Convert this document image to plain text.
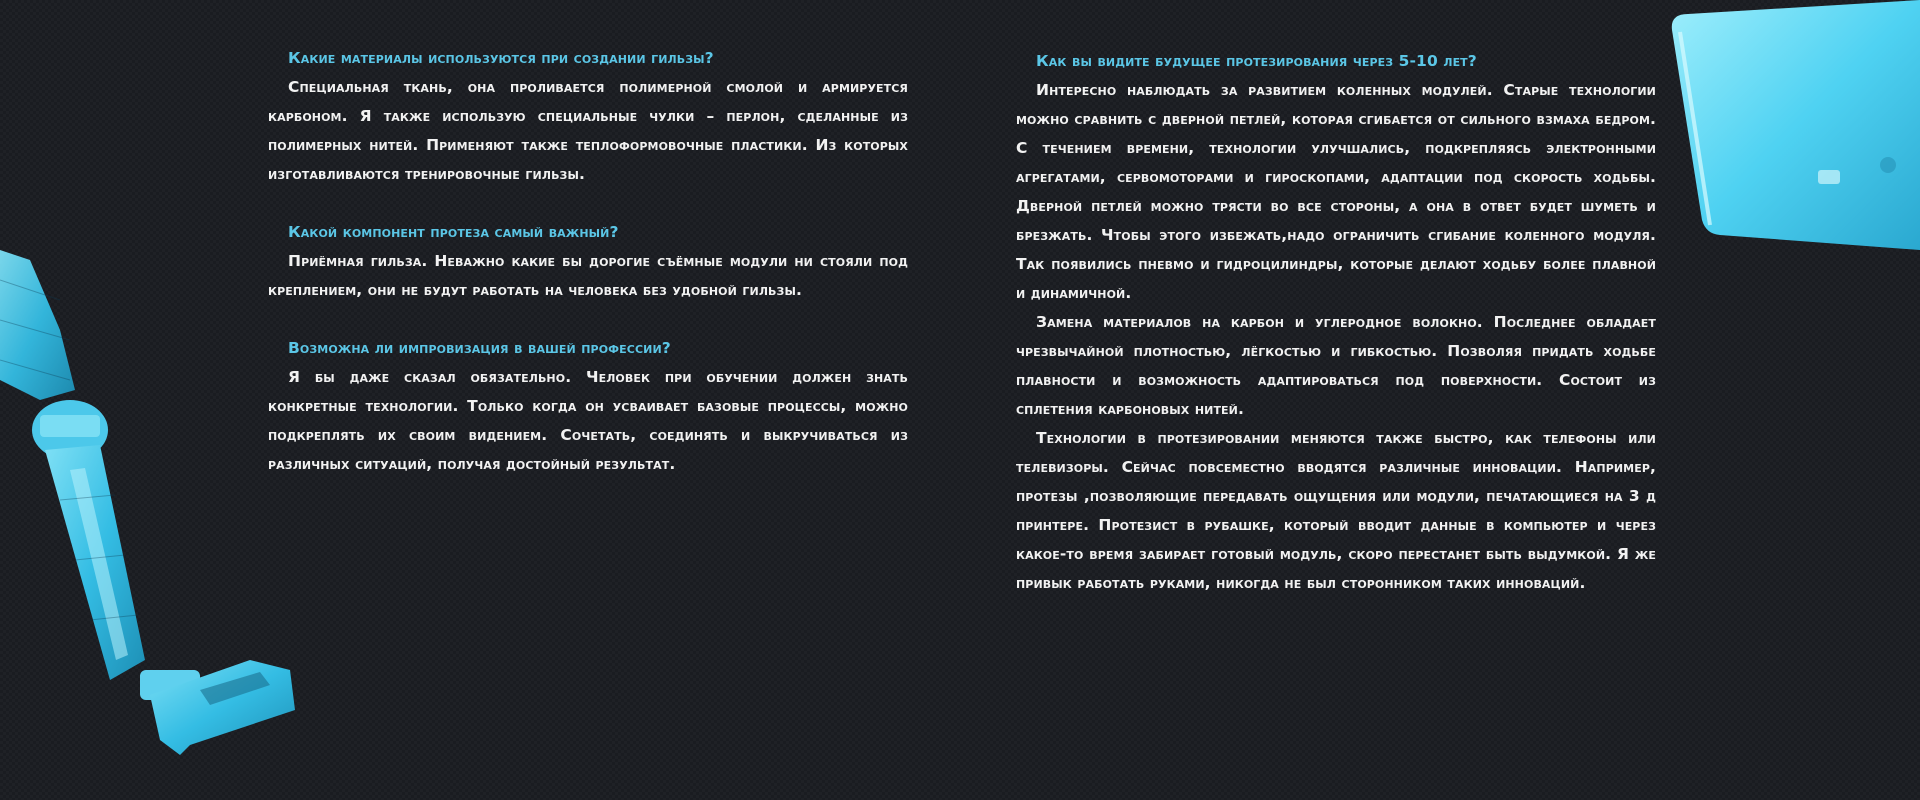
Какие материалы используются при создании гильзы?

Специальная ткань, она проливается полимерной смолой и армируется карбоном. Я также использую специальные чулки – перлон, сделанные из полимерных нитей. Применяют также теплоформовочные пластики. Из которых изготавливаются тренировочные гильзы.

Какой компонент протеза самый важный?

Приёмная гильза. Неважно какие бы дорогие съёмные модули ни стояли под креплением, они не будут работать на человека без удобной гильзы.

Возможна ли импровизация в вашей профессии?

Я бы даже сказал обязательно. Человек при обучении должен знать конкретные технологии. Только когда он усваивает базовые процессы, можно подкреплять их своим видением. Сочетать, соединять и выкручиваться из различных ситуаций, получая достойный результат.

Как вы видите будущее протезирования через 5-10 лет?

Интересно наблюдать за развитием коленных модулей. Старые технологии можно сравнить с дверной петлей, которая сгибается от сильного взмаха бедром. С течением времени, технологии улучшались, подкрепляясь электронными агрегатами, сервомоторами и гироскопами, адаптации под скорость ходьбы. Дверной петлей можно трясти во все стороны, а она в ответ будет шуметь и брезжать. Чтобы этого избежать,надо ограничить сгибание коленного модуля. Так появились пневмо и гидроцилиндры, которые делают ходьбу более плавной и динамичной.

Замена материалов на карбон и углеродное волокно. Последнее обладает чрезвычайной плотностью, лёгкостью и гибкостью. Позволяя придать ходьбе плавности и возможность адаптироваться под поверхности. Состоит из сплетения карбоновых нитей.

Технологии в протезировании меняются также быстро, как телефоны или телевизоры. Сейчас повсеместно вводятся различные инновации. Например, протезы ,позволяющие передавать ощущения или модули, печатающиеся на 3 д принтере. Протезист в рубашке, который вводит данные в компьютер и через какое-то время забирает готовый модуль, скоро перестанет быть выдумкой. Я же привык работать руками, никогда не был сторонником таких инноваций.
